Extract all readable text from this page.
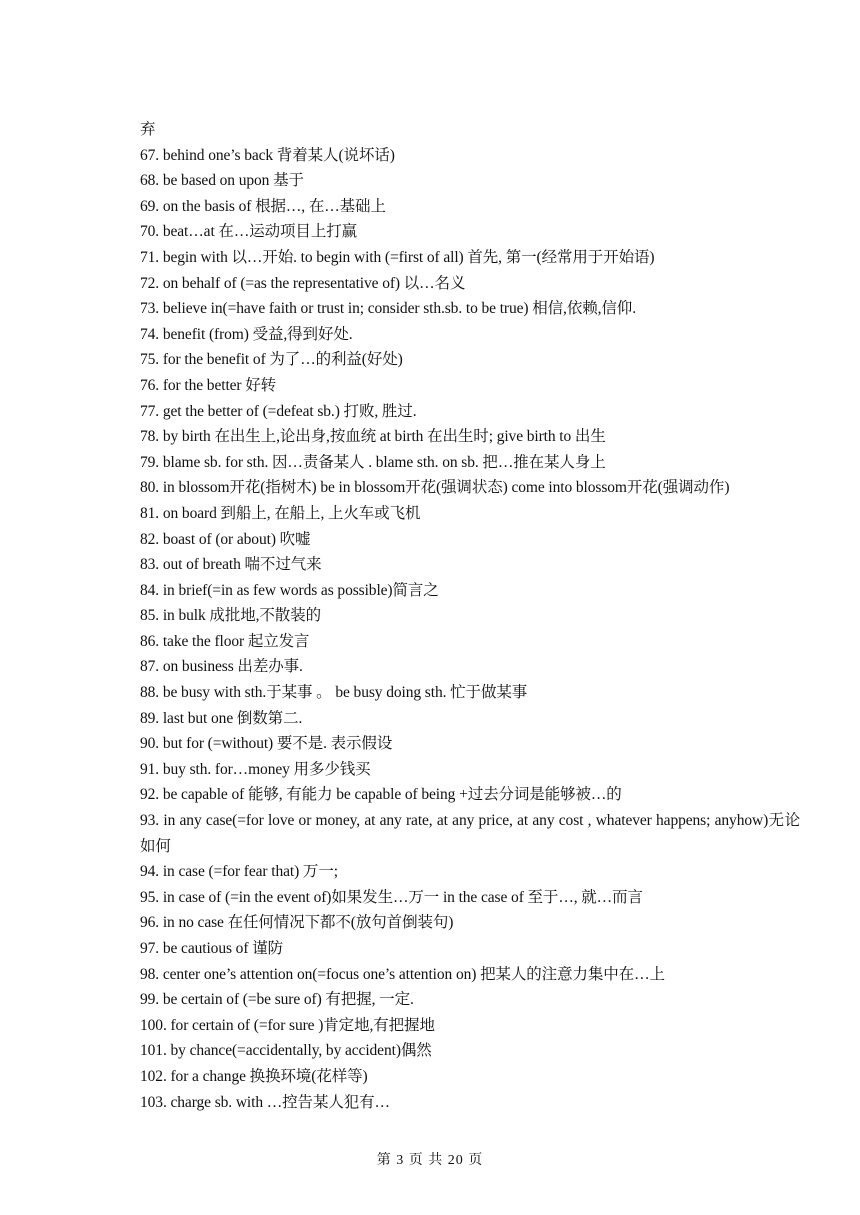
弃
67. behind one’s back 背着某人(说坏话)
68. be based on upon 基于
69. on the basis of 根据…, 在…基础上
70. beat…at 在…运动项目上打赢
71. begin with 以…开始. to begin with (=first of all) 首先, 第一(经常用于开始语)
72. on behalf of (=as the representative of) 以…名义
73. believe in(=have faith or trust in; consider sth.sb. to be true) 相信,依赖,信仰.
74. benefit (from) 受益,得到好处.
75. for the benefit of 为了…的利益(好处)
76. for the better 好转
77. get the better of (=defeat sb.) 打败, 胜过.
78. by birth 在出生上,论出身,按血统 at birth 在出生时; give birth to 出生
79. blame sb. for sth. 因…责备某人 . blame sth. on sb. 把…推在某人身上
80. in blossom开花(指树木) be in blossom开花(强调状态) come into blossom开花(强调动作)
81. on board 到船上, 在船上, 上火车或飞机
82. boast of (or about) 吹嘘
83. out of breath 喘不过气来
84. in brief(=in as few words as possible)简言之
85. in bulk 成批地,不散装的
86. take the floor 起立发言
87. on business 出差办事.
88. be busy with sth.于某事 。 be busy doing sth. 忙于做某事
89. last but one 倒数第二.
90. but for (=without) 要不是. 表示假设
91. buy sth. for…money 用多少钱买
92. be capable of 能够, 有能力 be capable of being +过去分词是能够被…的
93. in any case(=for love or money, at any rate, at any price, at any cost , whatever happens; anyhow)无论如何
94. in case (=for fear that) 万一;
95. in case of (=in the event of)如果发生…万一 in the case of 至于…, 就…而言
96. in no case 在任何情况下都不(放句首倒装句)
97. be cautious of 谨防
98. center one’s attention on(=focus one’s attention on) 把某人的注意力集中在…上
99. be certain of (=be sure of) 有把握, 一定.
100. for certain of (=for sure )肯定地,有把握地
101. by chance(=accidentally, by accident)偶然
102. for a change 换换环境(花样等)
103. charge sb. with …控告某人犯有…
第 3 页 共 20 页
